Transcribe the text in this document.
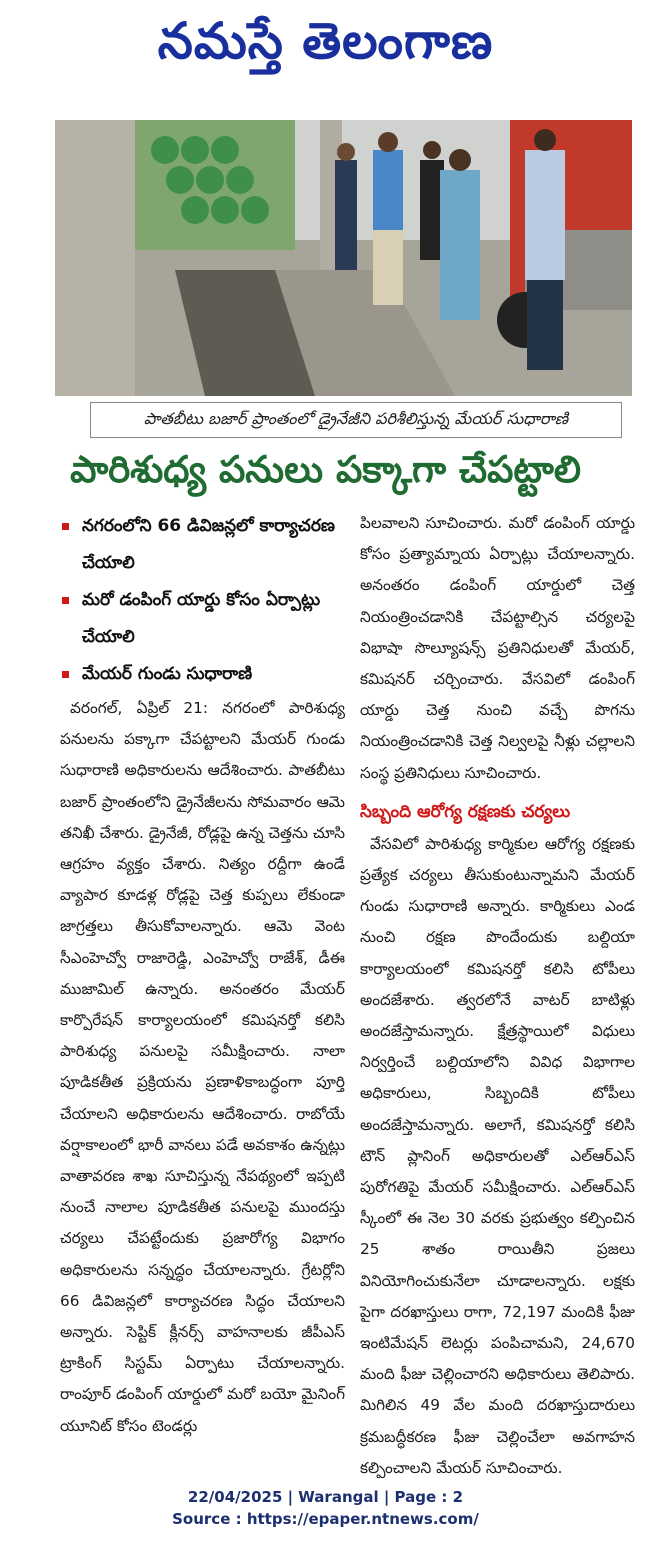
నమస్తే తెలంగాణ
పాతబీటు బజార్ ప్రాంతంలో డ్రైనేజీని పరిశీలిస్తున్న మేయర్ సుధారాణి
పారిశుధ్య పనులు పక్కాగా చేపట్టాలి
నగరంలోని 66 డివిజన్లలో కార్యాచరణ చేయాలి
మరో డంపింగ్ యార్డు కోసం ఏర్పాట్లు చేయాలి
మేయర్ గుండు సుధారాణి

వరంగల్, ఏప్రిల్ 21: నగరంలో పారిశుధ్య పనులను పక్కాగా చేపట్టాలని మేయర్ గుండు సుధారాణి అధికారులను ఆదేశించారు. పాతబీటు బజార్ ప్రాంతంలోని డ్రైనేజీలను సోమవారం ఆమె తనిఖీ చేశారు. డ్రైనేజీ, రోడ్లపై ఉన్న చెత్తను చూసి ఆగ్రహం వ్యక్తం చేశారు. నిత్యం రద్దీగా ఉండే వ్యాపార కూడళ్ల రోడ్లపై చెత్త కుప్పలు లేకుండా జాగ్రత్తలు తీసుకోవాలన్నారు. ఆమె వెంట సీఎంహెచ్వో రాజారెడ్డి, ఎంహెచ్వో రాజేశ్, డీఈ ముజామిల్ ఉన్నారు. అనంతరం మేయర్ కార్పొరేషన్ కార్యాలయంలో కమిషనర్తో కలిసి పారిశుధ్య పనులపై సమీక్షించారు. నాలా పూడికతీత ప్రక్రియను ప్రణాళికాబద్ధంగా పూర్తి చేయాలని అధికారులను ఆదేశించారు. రాబోయే వర్షాకాలంలో భారీ వానలు పడే అవకాశం ఉన్నట్లు వాతావరణ శాఖ సూచిస్తున్న నేపథ్యంలో ఇప్పటి నుంచే నాలాల పూడికతీత పనులపై ముందస్తు చర్యలు చేపట్టేందుకు ప్రజారోగ్య విభాగం అధికారులను సన్నద్ధం చేయాలన్నారు. గ్రేటర్లోని 66 డివిజన్లలో కార్యాచరణ సిద్ధం చేయాలని అన్నారు. సెప్టిక్ క్లీనర్స్ వాహనాలకు జీపీఎస్ ట్రాకింగ్ సిస్టమ్ ఏర్పాటు చేయాలన్నారు. రాంపూర్ డంపింగ్ యార్డులో మరో బయో మైనింగ్ యూనిట్ కోసం టెండర్లు

పిలవాలని సూచించారు. మరో డంపింగ్ యార్డు కోసం ప్రత్యామ్నాయ ఏర్పాట్లు చేయాలన్నారు. అనంతరం డంపింగ్ యార్డులో చెత్త నియంత్రించడానికి చేపట్టాల్సిన చర్యలపై విభాషా సొల్యూషన్స్ ప్రతినిధులతో మేయర్, కమిషనర్ చర్చించారు. వేసవిలో డంపింగ్ యార్డు చెత్త నుంచి వచ్చే పొగను నియంత్రించడానికి చెత్త నిల్వలపై నీళ్లు చల్లాలని సంస్థ ప్రతినిధులు సూచించారు.

సిబ్బంది ఆరోగ్య రక్షణకు చర్యలు

వేసవిలో పారిశుధ్య కార్మికుల ఆరోగ్య రక్షణకు ప్రత్యేక చర్యలు తీసుకుంటున్నామని మేయర్ గుండు సుధారాణి అన్నారు. కార్మికులు ఎండ నుంచి రక్షణ పొందేందుకు బల్దియా కార్యాలయంలో కమిషనర్తో కలిసి టోపీలు అందజేశారు. త్వరలోనే వాటర్ బాటిళ్లు అందజేస్తామన్నారు. క్షేత్రస్థాయిలో విధులు నిర్వర్తించే బల్దియాలోని వివిధ విభాగాల అధికారులు, సిబ్బందికి టోపీలు అందజేస్తామన్నారు. అలాగే, కమిషనర్తో కలిసి టౌన్ ప్లానింగ్ అధికారులతో ఎల్ఆర్ఎస్ పురోగతిపై మేయర్ సమీక్షించారు. ఎల్ఆర్ఎస్ స్కీంలో ఈ నెల 30 వరకు ప్రభుత్వం కల్పించిన 25 శాతం రాయితీని ప్రజలు వినియోగించుకునేలా చూడాలన్నారు. లక్షకు పైగా దరఖాస్తులు రాగా, 72,197 మందికి ఫీజు ఇంటిమేషన్ లెటర్లు పంపిచామని, 24,670 మంది ఫీజు చెల్లించారని అధికారులు తెలిపారు. మిగిలిన 49 వేల మంది దరఖాస్తుదారులు క్రమబద్ధీకరణ ఫీజు చెల్లించేలా అవగాహన కల్పించాలని మేయర్ సూచించారు.

22/04/2025 | Warangal | Page : 2
Source : https://epaper.ntnews.com/
